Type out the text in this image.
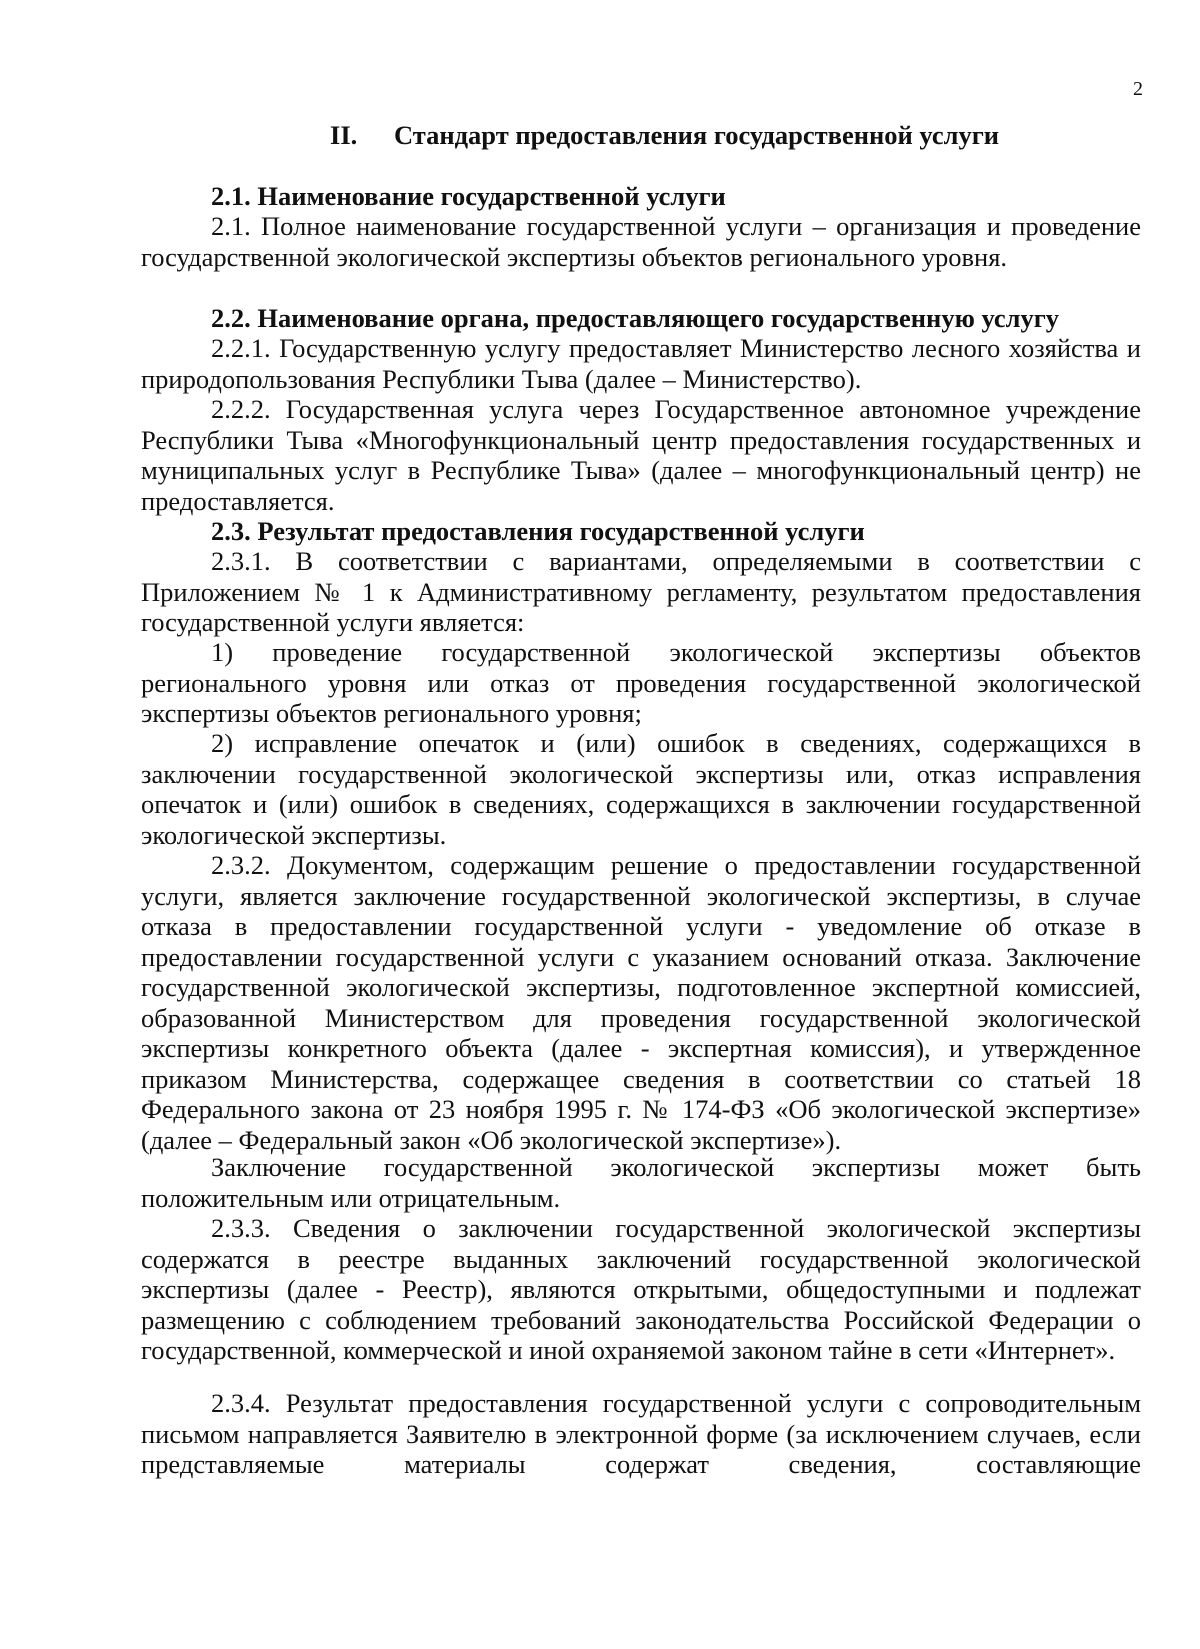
2
II. Стандарт предоставления государственной услуги
2.1. Наименование государственной услуги

2.1. Полное наименование государственной услуги – организация и проведение государственной экологической экспертизы объектов регионального уровня.

2.2. Наименование органа, предоставляющего государственную услугу

2.2.1. Государственную услугу предоставляет Министерство лесного хозяйства и природопользования Республики Тыва (далее – Министерство).

2.2.2. Государственная услуга через Государственное автономное учреждение Республики Тыва «Многофункциональный центр предоставления государственных и муниципальных услуг в Республике Тыва» (далее – многофункциональный центр) не предоставляется.

2.3. Результат предоставления государственной услуги

2.3.1. В соответствии с вариантами, определяемыми в соответствии с Приложением № 1 к Административному регламенту, результатом предоставления государственной услуги является:

1) проведение государственной экологической экспертизы объектов регионального уровня или отказ от проведения государственной экологической экспертизы объектов регионального уровня;

2) исправление опечаток и (или) ошибок в сведениях, содержащихся в заключении государственной экологической экспертизы или, отказ исправления опечаток и (или) ошибок в сведениях, содержащихся в заключении государственной экологической экспертизы.

2.3.2. Документом, содержащим решение о предоставлении государственной услуги, является заключение государственной экологической экспертизы, в случае отказа в предоставлении государственной услуги - уведомление об отказе в предоставлении государственной услуги с указанием оснований отказа. Заключение государственной экологической экспертизы, подготовленное экспертной комиссией, образованной Министерством для проведения государственной экологической экспертизы конкретного объекта (далее - экспертная комиссия), и утвержденное приказом Министерства, содержащее сведения в соответствии со статьей 18 Федерального закона от 23 ноября 1995 г. № 174-ФЗ «Об экологической экспертизе» (далее – Федеральный закон «Об экологической экспертизе»).

Заключение государственной экологической экспертизы может быть положительным или отрицательным.

2.3.3. Сведения о заключении государственной экологической экспертизы содержатся в реестре выданных заключений государственной экологической экспертизы (далее - Реестр), являются открытыми, общедоступными и подлежат размещению с соблюдением требований законодательства Российской Федерации о государственной, коммерческой и иной охраняемой законом тайне в сети «Интернет».

2.3.4. Результат предоставления государственной услуги с сопроводительным письмом направляется Заявителю в электронной форме (за исключением случаев, если представляемые материалы содержат сведения, составляющие
